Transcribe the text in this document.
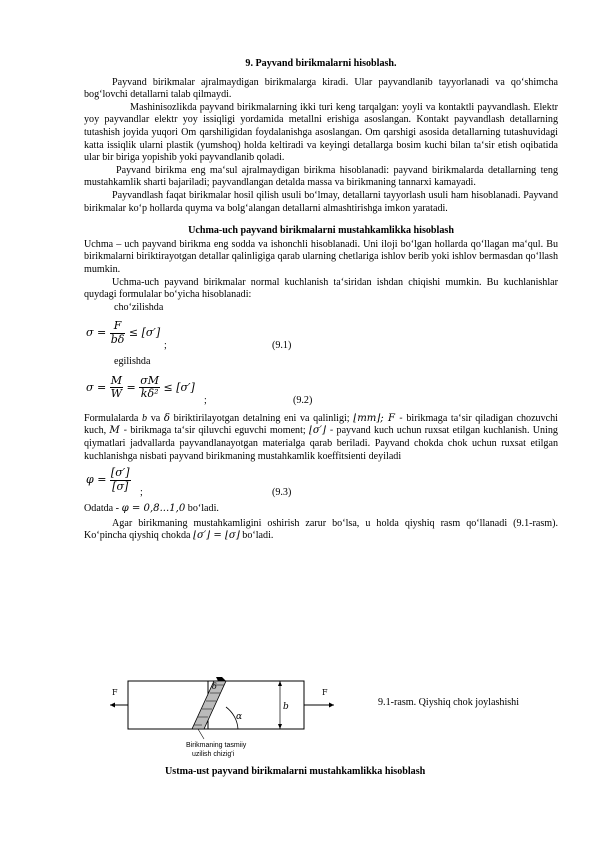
9. Payvand birikmalarni hisoblash.

Payvand birikmalar ajralmaydigan birikmalarga kiradi. Ular payvandlanib tayyorlanadi va qo‘shimcha bog‘lovchi detallarni talab qilmaydi.

Mashinisozlikda payvand birikmalarning ikki turi keng tarqalgan: yoyli va kontaktli payvandlash. Elektr yoy payvandlar elektr yoy issiqligi yordamida metallni erishiga asoslangan. Kontakt payvandlash detallarning tutashish joyida yuqori Om qarshiligidan foydalanishga asoslangan. Om qarshigi asosida detallarning tutashuvidagi katta issiqlik ularni plastik (yumshoq) holda keltiradi va keyingi detallarga bosim kuchi bilan ta‘sir etish oqibatida ular bir biriga yopishib yoki payvandlanib qoladi.

Payvand birikma eng ma‘sul ajralmaydigan birikma hisoblanadi: payvand birikmalarda detallarning teng mustahkamlik sharti bajariladi; payvandlangan detalda massa va birikmaning tannarxi kamayadi.

Payvandlash faqat birikmalar hosil qilish usuli bo‘lmay, detallarni tayyorlash usuli ham hisoblanadi. Payvand birikmalar ko‘p hollarda quyma va bolg‘alangan detallarni almashtirishga imkon yaratadi.

Uchma-uch payvand birikmalarni mustahkamlikka hisoblash

Uchma – uch payvand birikma eng sodda va ishonchli hisoblanadi. Uni iloji bo‘lgan hollarda qo‘llagan ma‘qul. Bu birikmalarni biriktirayotgan detallar qalinligiga qarab ularning chetlariga ishlov berib yoki ishlov bermasdan qo‘llash mumkin.

Uchma-uch payvand birikmalar normal kuchlanish ta‘siridan ishdan chiqishi mumkin. Bu kuchlanishlar quydagi formulalar bo‘yicha hisoblanadi:

cho‘zilishda
$\sigma = \frac{F}{b\delta} \le [\sigma']$
;	(9.1)
egilishda
$\sigma = \frac{M}{W} = \frac{\sigma M}{\text{kδ²}} \le [\sigma']$
;	(9.2)

Formulalarda b va δ biriktirilayotgan detalning eni va qalinligi; ⌊mm⌋; F - birikmaga ta‘sir qiladigan chozuvchi kuch, M - birikmaga ta‘sir qiluvchi eguvchi moment; ⌊σ′⌋ - payvand kuch uchun ruxsat etilgan kuchlanish. Uning qiymatlari jadvallarda payvandlanayotgan materialga qarab beriladi. Payvand chokda chok uchun ruxsat etilgan kuchlanishga nisbati payvand birikmaning mustahkamlik koeffitsienti deyiladi

$\varphi = \frac{[\sigma']}{[\sigma]}$ ;	(9.3)

Odatda - φ = 0,8...1,0 bo‘ladi.

Agar birikmaning mustahkamligini oshirish zarur bo‘lsa, u holda qiyshiq rasm qo‘llanadi (9.1-rasm). Ko‘pincha qiyshiq chokda ⌊σ′⌋ = ⌊σ⌋ bo‘ladi.

F	F
α
b
δ
Birikmaning tasmiiy
uzilish chizig'i
9.1-rasm. Qiyshiq chok joylashishi
Ustma-ust payvand birikmalarni mustahkamlikka hisoblash
